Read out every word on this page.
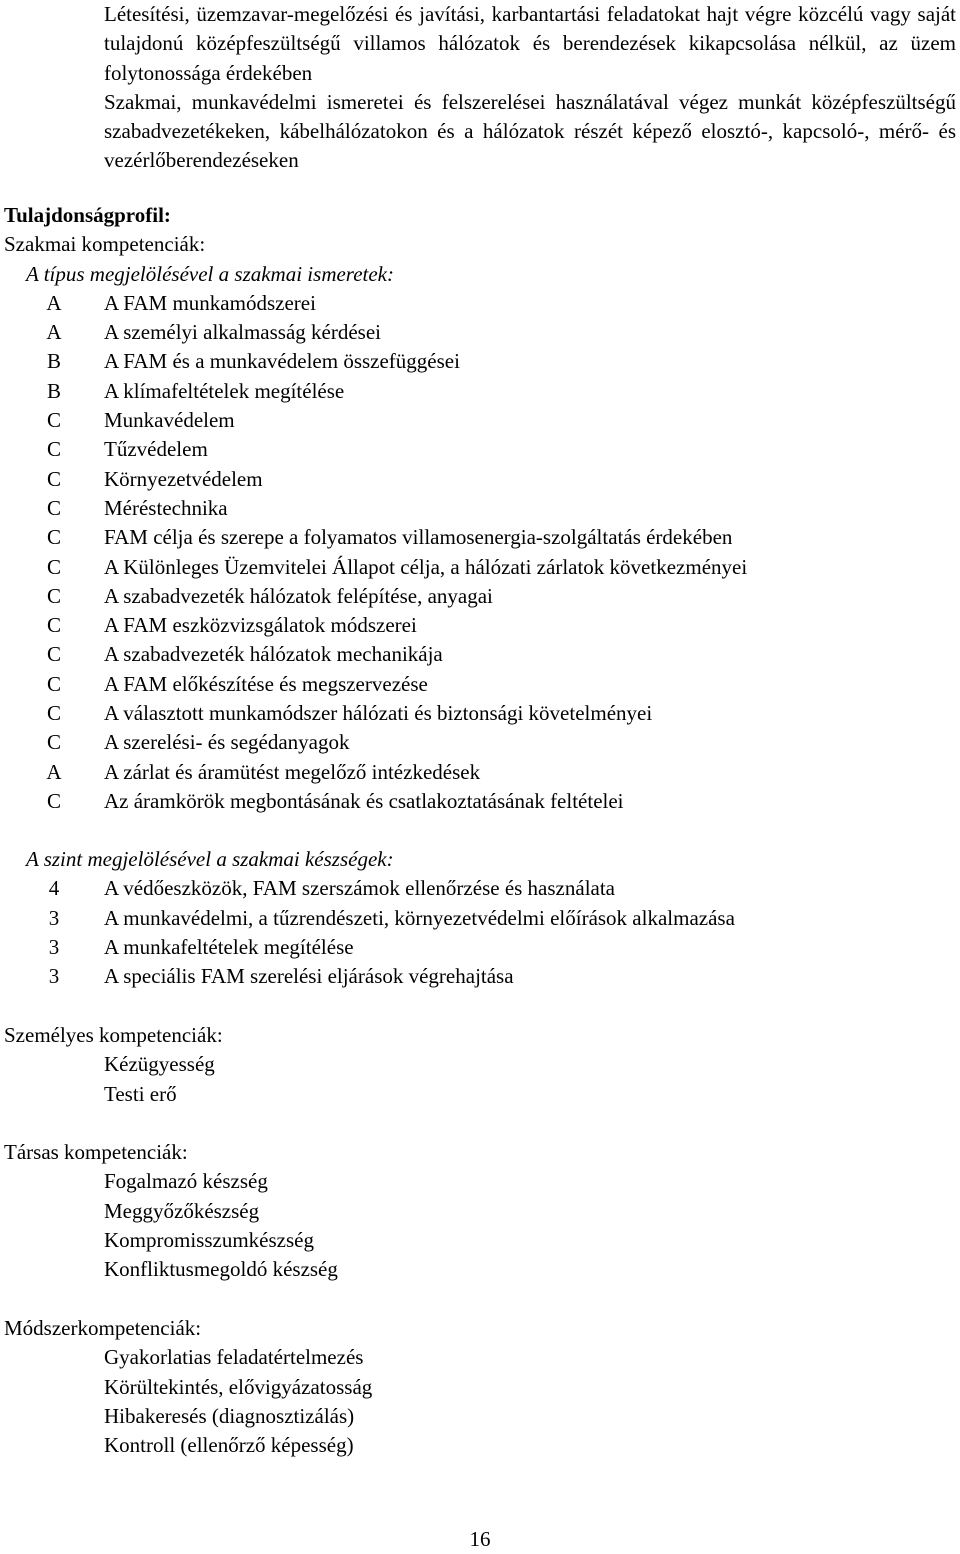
Létesítési, üzemzavar-megelőzési és javítási, karbantartási feladatokat hajt végre közcélú vagy saját tulajdonú középfeszültségű villamos hálózatok és berendezések kikapcsolása nélkül, az üzem folytonossága érdekében

Szakmai, munkavédelmi ismeretei és felszerelései használatával végez munkát középfeszültségű szabadvezetékeken, kábelhálózatokon és a hálózatok részét képező elosztó-, kapcsoló-, mérő- és vezérlőberendezéseken

Tulajdonságprofil:
Szakmai kompetenciák:
A típus megjelölésével a szakmai ismeretek:
A	A FAM munkamódszerei
A	A személyi alkalmasság kérdései
B	A FAM és a munkavédelem összefüggései
B	A klímafeltételek megítélése
C	Munkavédelem
C	Tűzvédelem
C	Környezetvédelem
C	Méréstechnika
C	FAM célja és szerepe a folyamatos villamosenergia-szolgáltatás érdekében
C	A Különleges Üzemvitelei Állapot célja, a hálózati zárlatok következményei
C	A szabadvezeték hálózatok felépítése, anyagai
C	A FAM eszközvizsgálatok módszerei
C	A szabadvezeték hálózatok mechanikája
C	A FAM előkészítése és megszervezése
C	A választott munkamódszer hálózati és biztonsági követelményei
C	A szerelési- és segédanyagok
A	A zárlat és áramütést megelőző intézkedések
C	Az áramkörök megbontásának és csatlakoztatásának feltételei
A szint megjelölésével a szakmai készségek:
4	A védőeszközök, FAM szerszámok ellenőrzése és használata
3	A munkavédelmi, a tűzrendészeti, környezetvédelmi előírások alkalmazása
3	A munkafeltételek megítélése
3	A speciális FAM szerelési eljárások végrehajtása
Személyes kompetenciák:
Kézügyesség
Testi erő
Társas kompetenciák:
Fogalmazó készség
Meggyőzőkészség
Kompromisszumkészség
Konfliktusmegoldó készség
Módszerkompetenciák:
Gyakorlatias feladatértelmezés
Körültekintés, elővigyázatosság
Hibakeresés (diagnosztizálás)
Kontroll (ellenőrző képesség)
16
